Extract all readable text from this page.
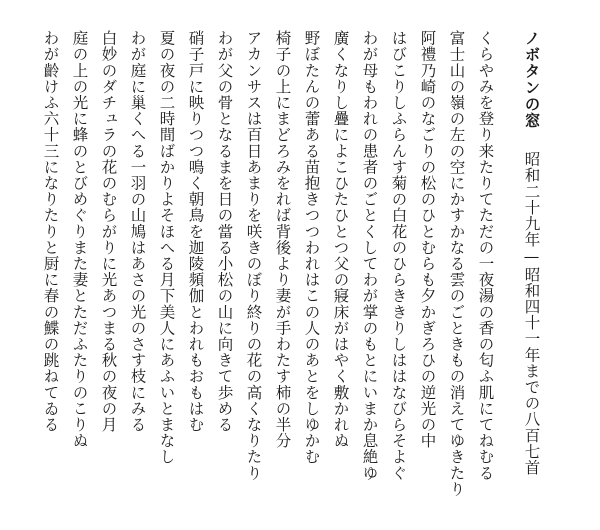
ノボタンの窓昭和二十九年—昭和四十一年までの八百七首
くらやみを登り来たりてただの一夜湯の香の匂ふ肌にてねむる
富士山の嶺の左の空にかすかなる雲のごときもの消えてゆきたり
阿禮乃崎のなごりの松のひとむらも夕かぎろひの逆光の中
はびこりしふらんす菊の白花のひらききりしははなびらそよぐ
わが母もわれの患者のごとくしてわが掌のもとにいまか息絶ゆ
廣くなりし疊によこひたひとつ父の寢床がはやく敷かれぬ
野ぼたんの蕾ある苗抱きつつわれはこの人のあとをしゆかむ
椅子の上にまどろみをれば背後より妻が手わたす柿の半分
アカンサスは百日あまりを咲きのぼり終りの花の高くなりたり
わが父の骨となるまを日の當る小松の山に向きて歩める
硝子戸に映りつつ鳴く朝鳥を迦陵頻伽とわれもおもはむ
夏の夜の二時間ばかりよそほへる月下美人にあふいとまなし
わが庭に巢くへる一羽の山鳩はあさの光のさす枝にみる
白妙のダチュラの花のむらがりに光あつまる秋の夜の月
庭の上の光に蜂のとびめぐりまた妻とただふたりのこりぬ
わが齡けふ六十三になりたりと厨に春の鰈の跳ねてゐる
